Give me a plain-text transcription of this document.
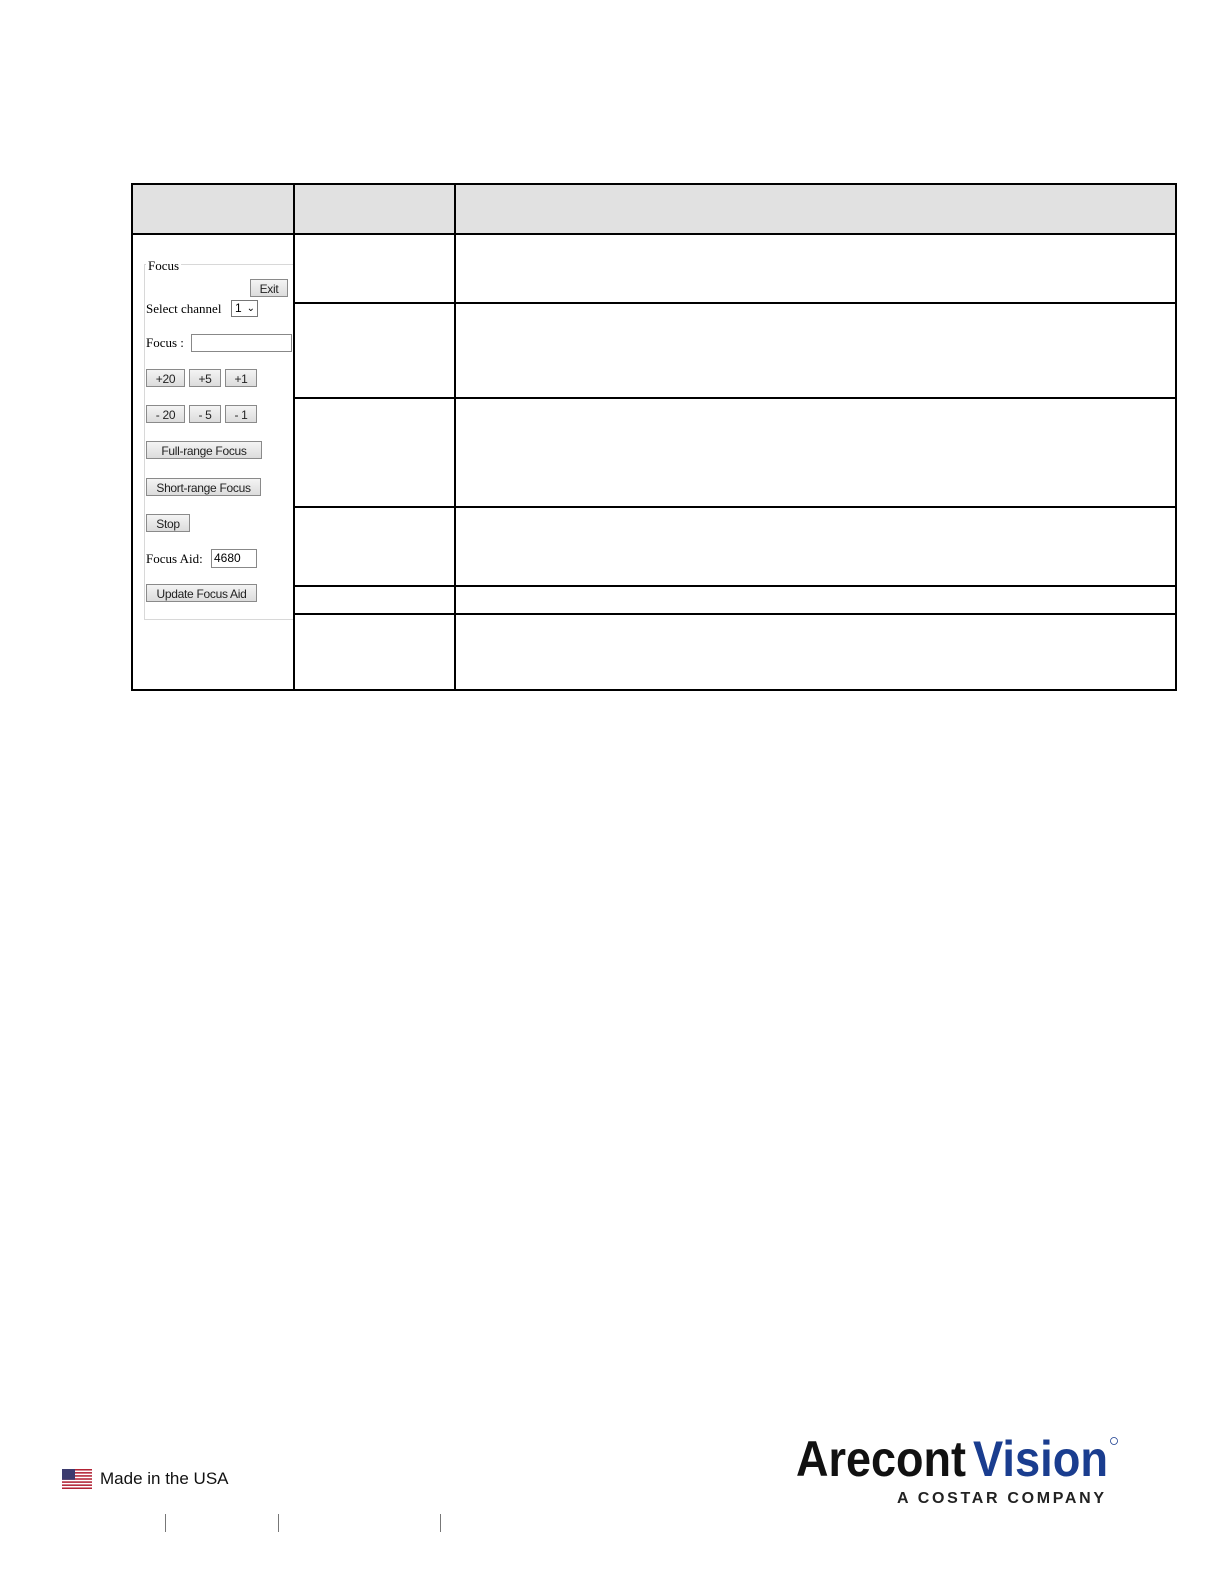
Focus
Exit
Select channel	1 ⌄
Focus :
+20	+5	+1
- 20	- 5	- 1
Full-range Focus
Short-range Focus
Stop
Focus Aid: 4680
Update Focus Aid
Made in the USA	Arecont Vision
A COSTAR COMPANY
